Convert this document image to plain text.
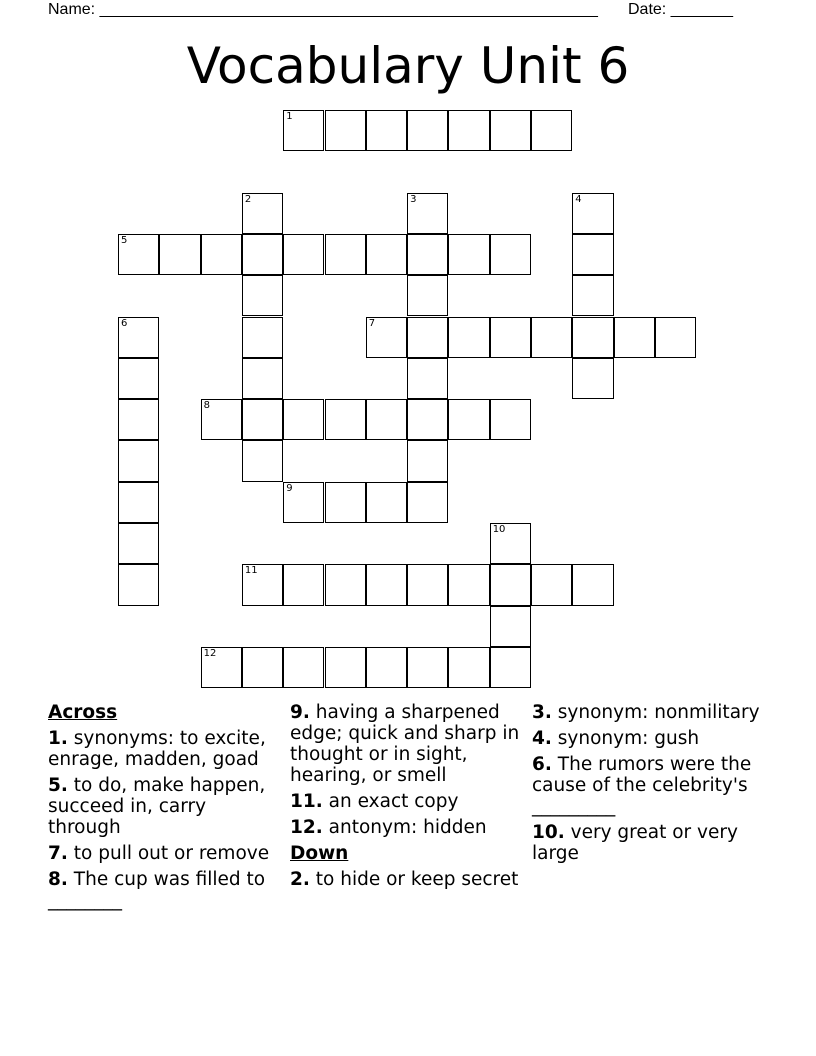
Name: ________________________________________________________ Date: _______
Vocabulary Unit 6
1
2	3	4
5
6	7
8
9
10
11
12
Across
1. synonyms: to excite, enrage, madden, goad
5. to do, make happen, succeed in, carry through
7. to pull out or remove
8. The cup was filled to ________
9. having a sharpened edge; quick and sharp in thought or in sight, hearing, or smell
11. an exact copy
12. antonym: hidden
Down
2. to hide or keep secret
3. synonym: nonmilitary
4. synonym: gush
6. The rumors were the cause of the celebrity's _________
10. very great or very large
